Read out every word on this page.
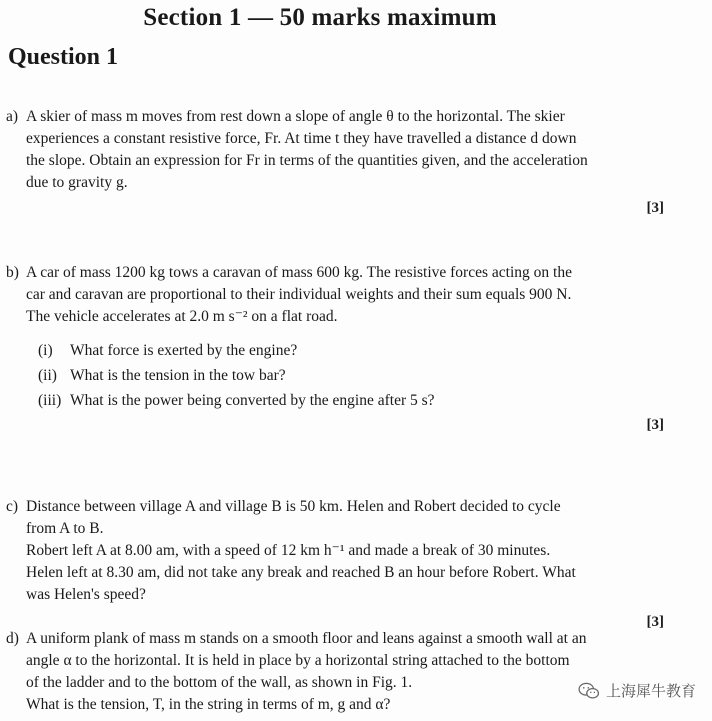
Section 1 — 50 marks maximum
Question 1
a) A skier of mass m moves from rest down a slope of angle θ to the horizontal. The skier

experiences a constant resistive force, Fr. At time t they have travelled a distance d down

the slope. Obtain an expression for Fr in terms of the quantities given, and the acceleration

due to gravity g.

[3]
b) A car of mass 1200 kg tows a caravan of mass 600 kg. The resistive forces acting on the

car and caravan are proportional to their individual weights and their sum equals 900 N.

The vehicle accelerates at 2.0 m s⁻² on a flat road.

(i) What force is exerted by the engine?
(ii) What is the tension in the tow bar?
(iii) What is the power being converted by the engine after 5 s?
[3]
c) Distance between village A and village B is 50 km. Helen and Robert decided to cycle

from A to B.

Robert left A at 8.00 am, with a speed of 12 km h⁻¹ and made a break of 30 minutes.

Helen left at 8.30 am, did not take any break and reached B an hour before Robert. What

was Helen's speed?

[3]
d) A uniform plank of mass m stands on a smooth floor and leans against a smooth wall at an

angle α to the horizontal. It is held in place by a horizontal string attached to the bottom

of the ladder and to the bottom of the wall, as shown in Fig. 1.

What is the tension, T, in the string in terms of m, g and α?

上海犀牛教育
